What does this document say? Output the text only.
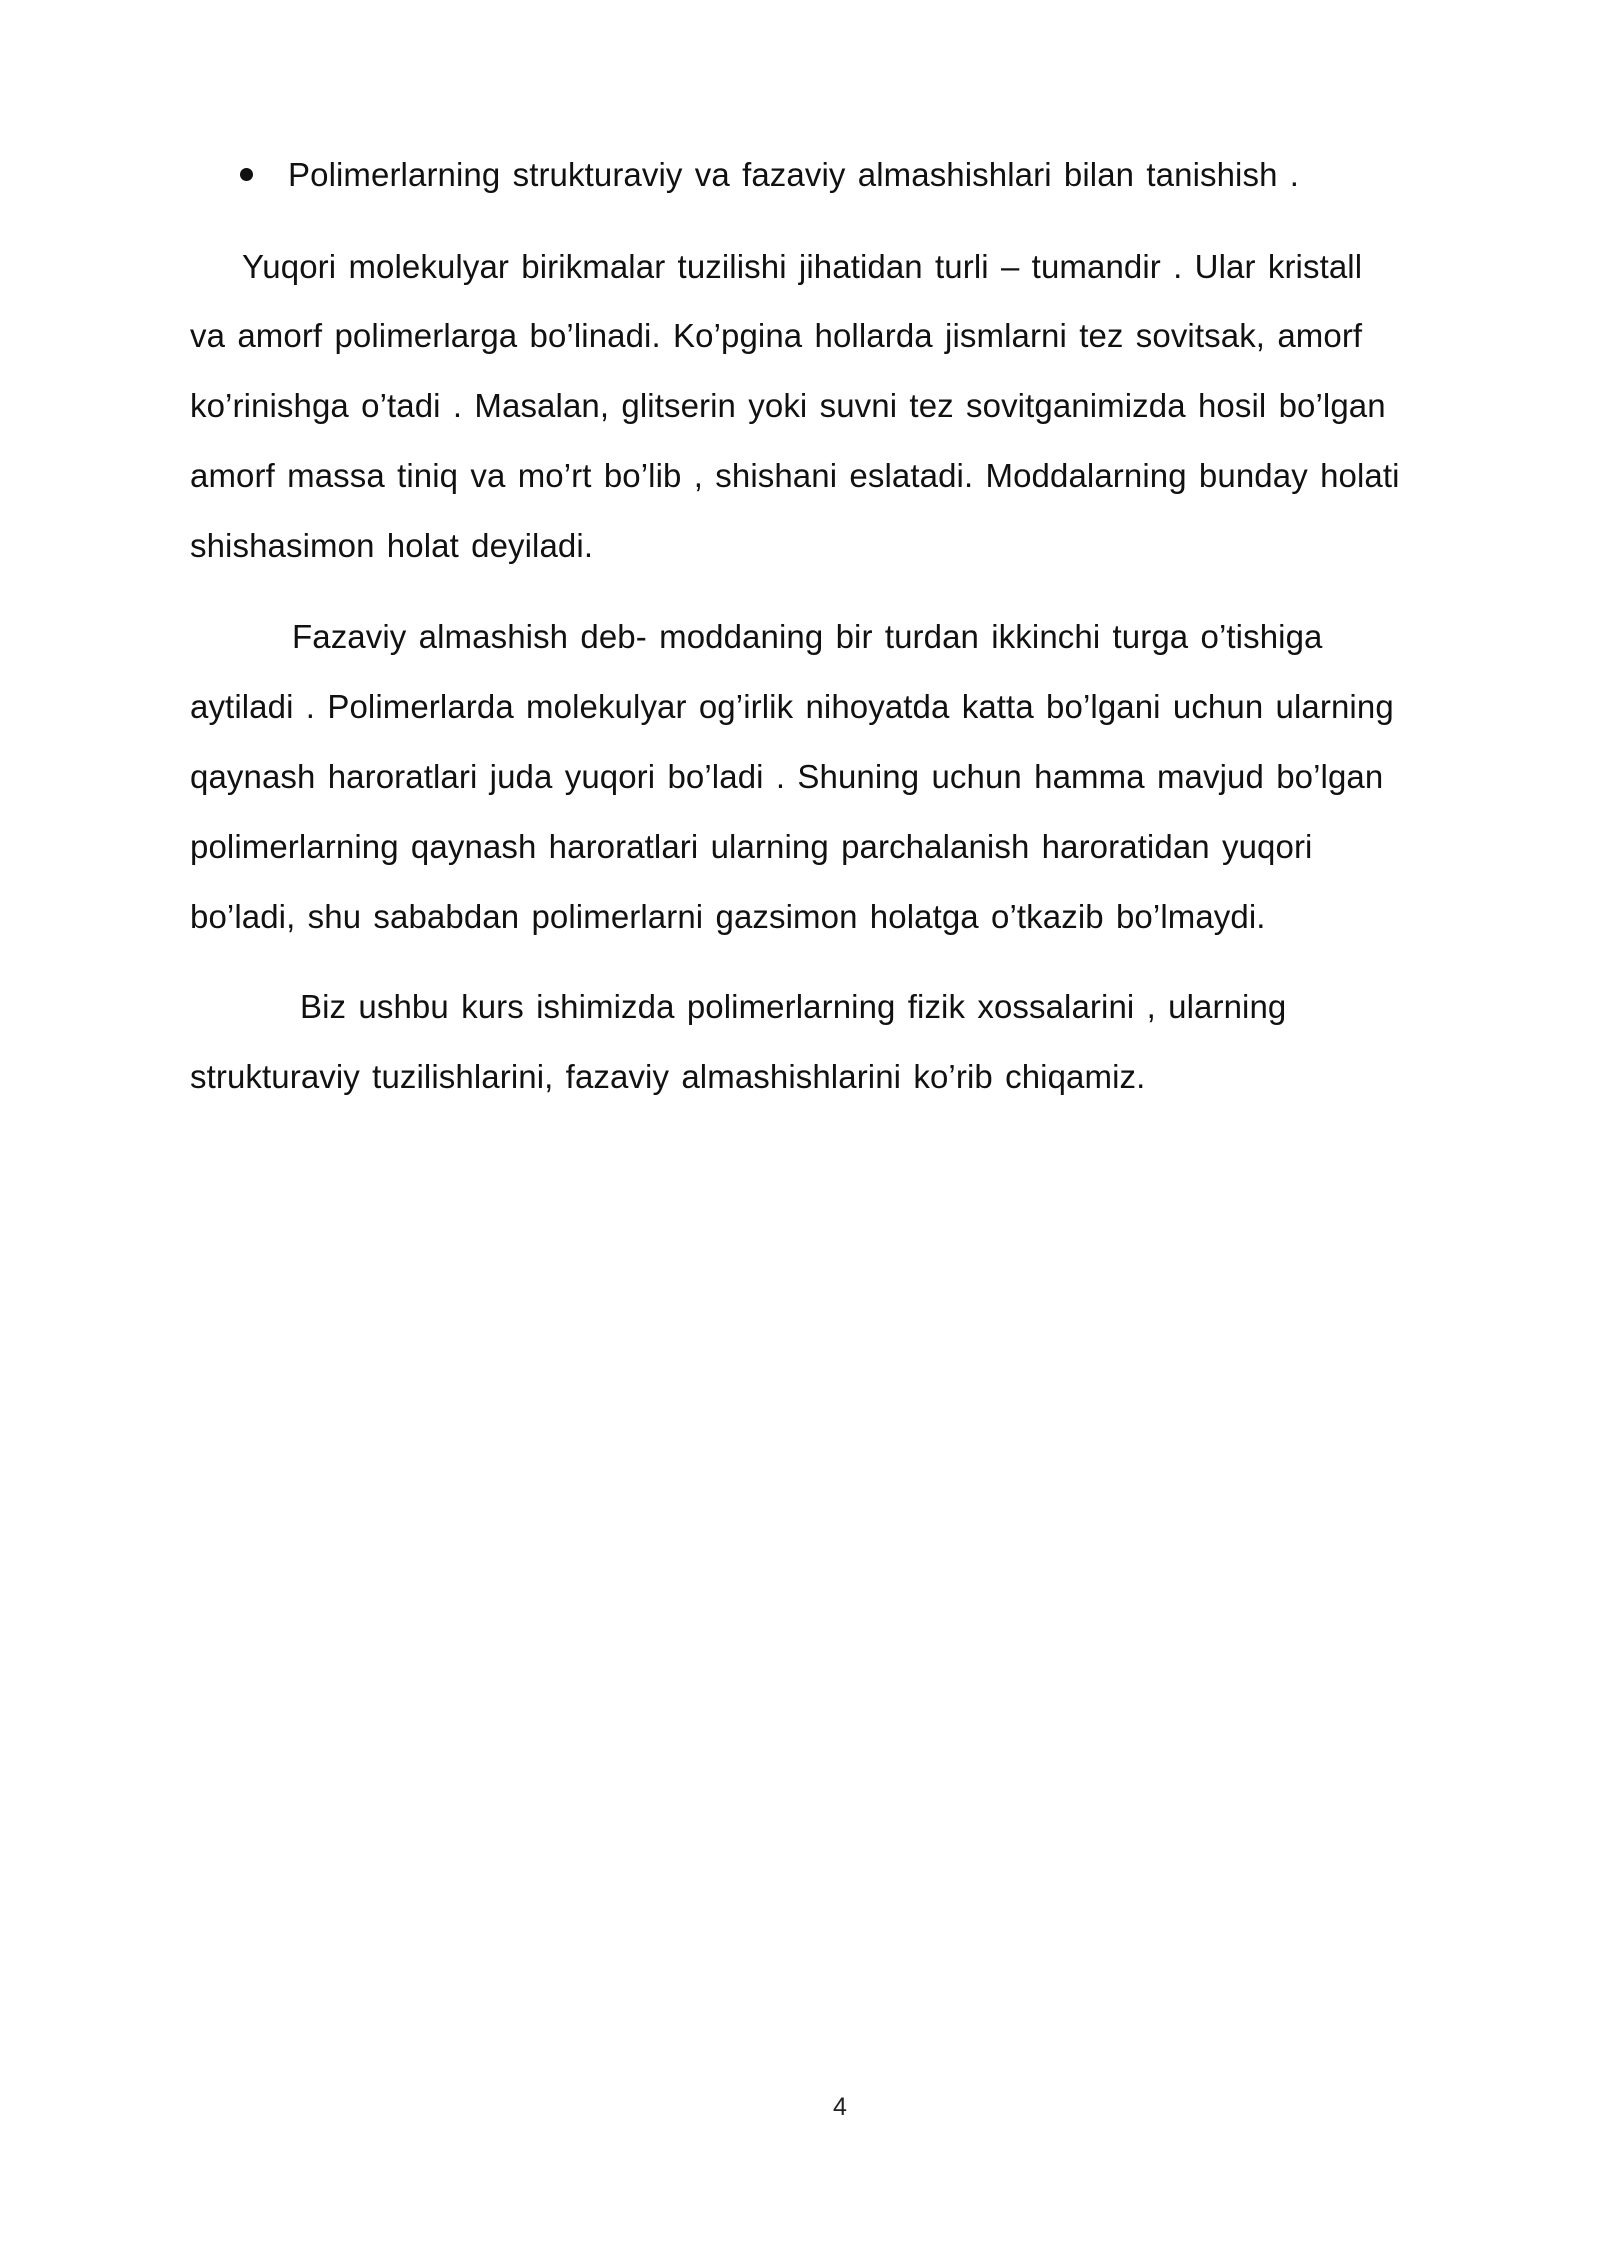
Polimerlarning strukturaviy va fazaviy almashishlari bilan tanishish .
Yuqori molekulyar birikmalar tuzilishi jihatidan turli – tumandir . Ular kristall
va amorf polimerlarga bo’linadi. Ko’pgina hollarda jismlarni tez sovitsak, amorf
ko’rinishga o’tadi . Masalan, glitserin yoki suvni tez sovitganimizda hosil bo’lgan
amorf massa tiniq va mo’rt bo’lib , shishani eslatadi. Moddalarning bunday holati
shishasimon holat deyiladi.
Fazaviy almashish deb- moddaning bir turdan ikkinchi turga o’tishiga
aytiladi . Polimerlarda molekulyar og’irlik nihoyatda katta bo’lgani uchun ularning
qaynash haroratlari juda yuqori bo’ladi . Shuning uchun hamma mavjud bo’lgan
polimerlarning qaynash haroratlari ularning parchalanish haroratidan yuqori
bo’ladi, shu sababdan polimerlarni gazsimon holatga o’tkazib bo’lmaydi.
Biz ushbu kurs ishimizda polimerlarning fizik xossalarini , ularning
strukturaviy tuzilishlarini, fazaviy almashishlarini ko’rib chiqamiz.
4
